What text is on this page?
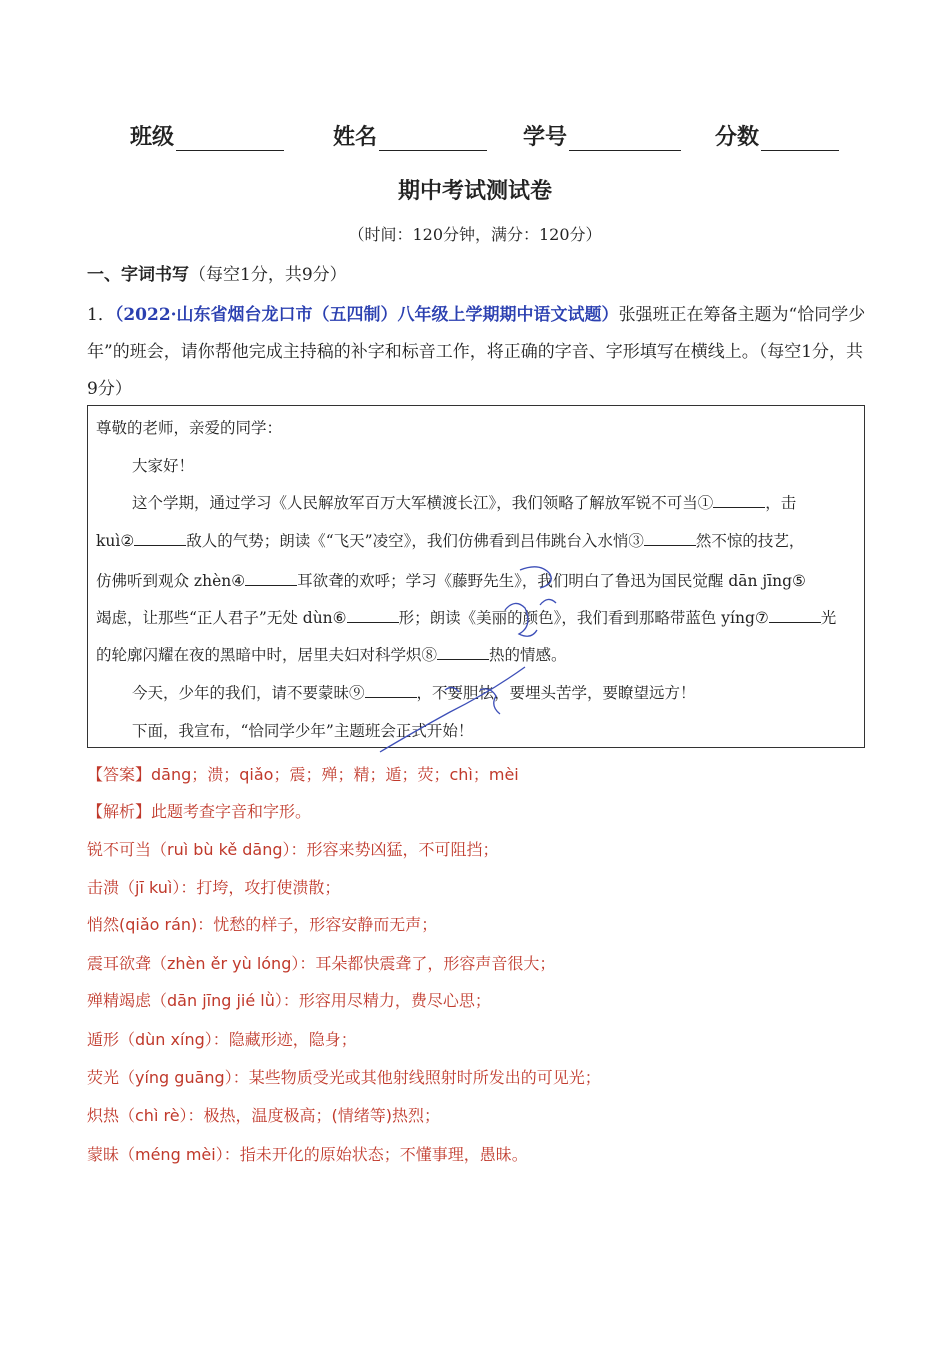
班级	姓名	学号	分数
期中考试测试卷
（时间：120分钟，满分：120分）
一、字词书写（每空1分，共9分）
1．（2022·山东省烟台龙口市（五四制）八年级上学期期中语文试题）张强班正在筹备主题为“恰同学少年”的班会，请你帮他完成主持稿的补字和标音工作，将正确的字音、字形填写在横线上。（每空1分，共9分）
尊敬的老师，亲爱的同学：
大家好！
这个学期，通过学习《人民解放军百万大军横渡长江》，我们领略了解放军锐不可当①	，击
kuì②	敌人的气势；朗读《“飞天”凌空》，我们仿佛看到吕伟跳台入水悄③	然不惊的技艺，
仿佛听到观众 zhèn④	耳欲聋的欢呼；学习《藤野先生》，我们明白了鲁迅为国民觉醒 dān jīng⑤
竭虑，让那些“正人君子”无处 dùn⑥	形；朗读《美丽的颜色》，我们看到那略带蓝色 yíng⑦	光
的轮廓闪耀在夜的黑暗中时，居里夫妇对科学炽⑧	热的情感。
今天，少年的我们，请不要蒙昧⑨	，不要胆怯，要埋头苦学，要瞭望远方！
下面，我宣布，“恰同学少年”主题班会正式开始！
【答案】dāng；溃；qiǎo；震；殚；精；遁；荧；chì；mèi
【解析】此题考查字音和字形。
锐不可当（ruì bù kě dāng）：形容来势凶猛，不可阻挡；
击溃（jī kuì）：打垮，攻打使溃散；
悄然(qiǎo rán)：忧愁的样子，形容安静而无声；
震耳欲聋（zhèn ěr yù lóng）：耳朵都快震聋了，形容声音很大；
殚精竭虑（dān jīng jié lǜ）：形容用尽精力，费尽心思；
遁形（dùn xíng）：隐藏形迹，隐身；
荧光（yíng guāng）：某些物质受光或其他射线照射时所发出的可见光；
炽热（chì rè）：极热，温度极高；(情绪等)热烈；
蒙昧（méng mèi）：指未开化的原始状态；不懂事理，愚昧。
